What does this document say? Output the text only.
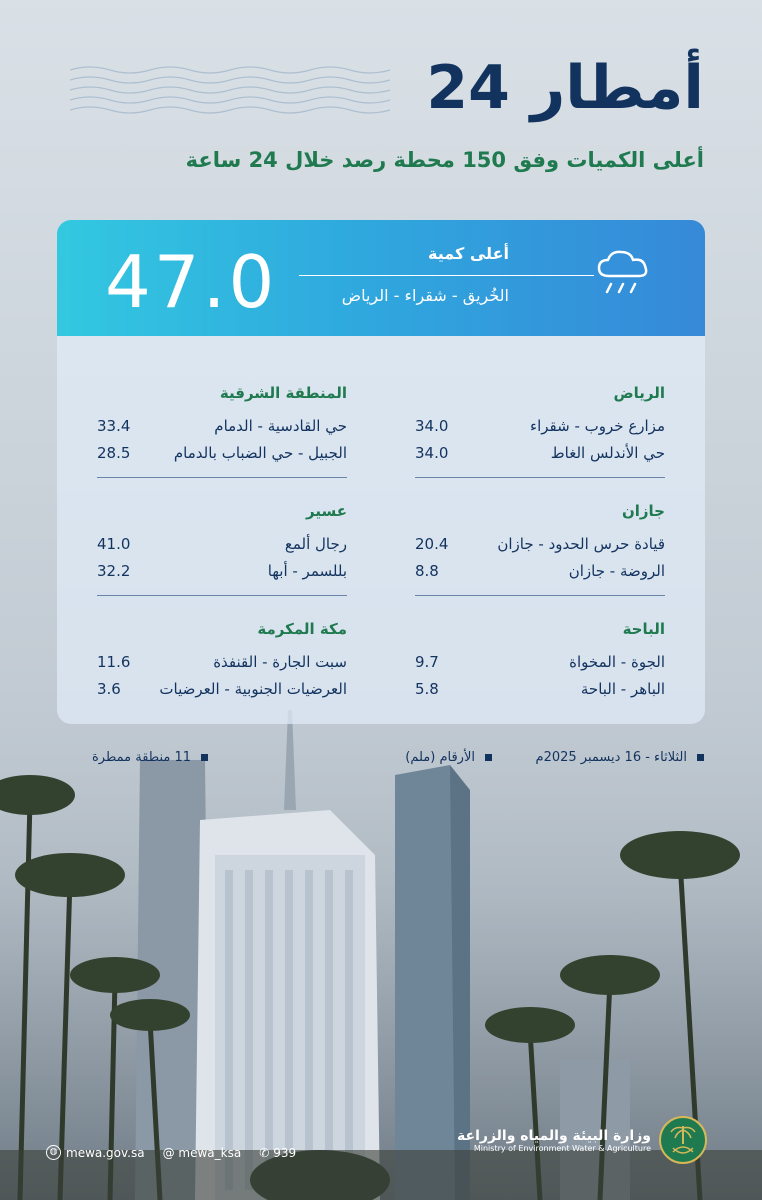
أمطار 24
أعلى الكميات وفق 150 محطة رصد خلال 24 ساعة
47.0	أعلى كمية
الخُريق - شقراء - الرياض
الرياض
مزارع خروب - شقراء
34.0
حي الأندلس الغاط
34.0
جازان
قيادة حرس الحدود - جازان
20.4
الروضة - جازان
8.8
الباحة
الجوة - المخواة
9.7
الباهر - الباحة
5.8
المنطقة الشرقية
حي القادسية - الدمام
33.4
الجبيل - حي الضباب بالدمام
28.5
عسير
رجال ألمع
41.0
بللسمر - أبها
32.2
مكة المكرمة
سبت الجارة - القنفذة
11.6
العرضيات الجنوبية - العرضيات
3.6
الثلاثاء - 16 ديسمبر 2025م
الأرقام (ملم)
11 منطقة ممطرة
◍ mewa.gov.sa @ mewa_ksa ✆ 939
وزارة البيئة والمياه والزراعة
Ministry of Environment Water & Agriculture
